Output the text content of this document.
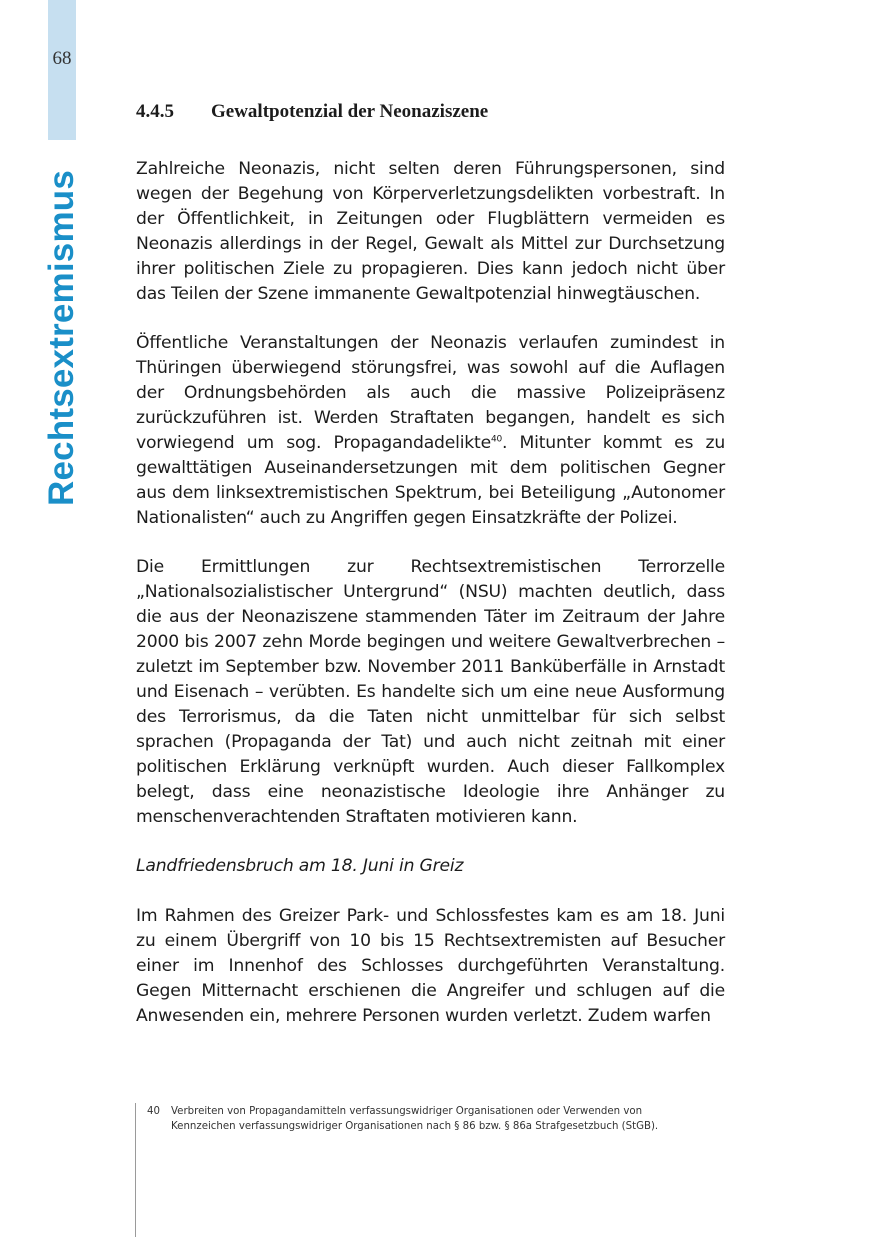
68
Rechtsextremismus
4.4.5 Gewaltpotenzial der Neonaziszene

Zahlreiche Neonazis, nicht selten deren Führungspersonen, sind wegen der Begehung von Körperverletzungsdelikten vorbestraft. In der Öffentlichkeit, in Zeitungen oder Flugblättern vermeiden es Neonazis allerdings in der Regel, Gewalt als Mittel zur Durchsetzung ihrer politischen Ziele zu propagieren. Dies kann jedoch nicht über das Teilen der Szene immanente Gewaltpotenzial hinwegtäuschen.

Öffentliche Veranstaltungen der Neonazis verlaufen zumindest in Thüringen überwiegend störungsfrei, was sowohl auf die Auflagen der Ordnungsbehörden als auch die massive Polizeipräsenz zurückzuführen ist. Werden Straftaten begangen, handelt es sich vorwiegend um sog. Propagandadelikte$^{40}$. Mitunter kommt es zu gewalttätigen Auseinandersetzungen mit dem politischen Gegner aus dem linksextremistischen Spektrum, bei Beteiligung „Autonomer Nationalisten“ auch zu Angriffen gegen Einsatzkräfte der Polizei.

Die Ermittlungen zur Rechtsextremistischen Terrorzelle „Nationalsozialistischer Untergrund“ (NSU) machten deutlich, dass die aus der Neonaziszene stammenden Täter im Zeitraum der Jahre 2000 bis 2007 zehn Morde begingen und weitere Gewaltverbrechen – zuletzt im September bzw. November 2011 Banküberfälle in Arnstadt und Eisenach – verübten. Es handelte sich um eine neue Ausformung des Terrorismus, da die Taten nicht unmittelbar für sich selbst sprachen (Propaganda der Tat) und auch nicht zeitnah mit einer politischen Erklärung verknüpft wurden. Auch dieser Fallkomplex belegt, dass eine neonazistische Ideologie ihre Anhänger zu menschenverachtenden Straftaten motivieren kann.

Landfriedensbruch am 18. Juni in Greiz

Im Rahmen des Greizer Park- und Schlossfestes kam es am 18. Juni zu einem Übergriff von 10 bis 15 Rechtsextremisten auf Besucher einer im Innenhof des Schlosses durchgeführten Veranstaltung. Gegen Mitternacht erschienen die Angreifer und schlugen auf die Anwesenden ein, mehrere Personen wurden verletzt. Zudem warfen

40 Verbreiten von Propagandamitteln verfassungswidriger Organisationen oder Verwenden von
Kennzeichen verfassungswidriger Organisationen nach § 86 bzw. § 86a Strafgesetzbuch (StGB).
